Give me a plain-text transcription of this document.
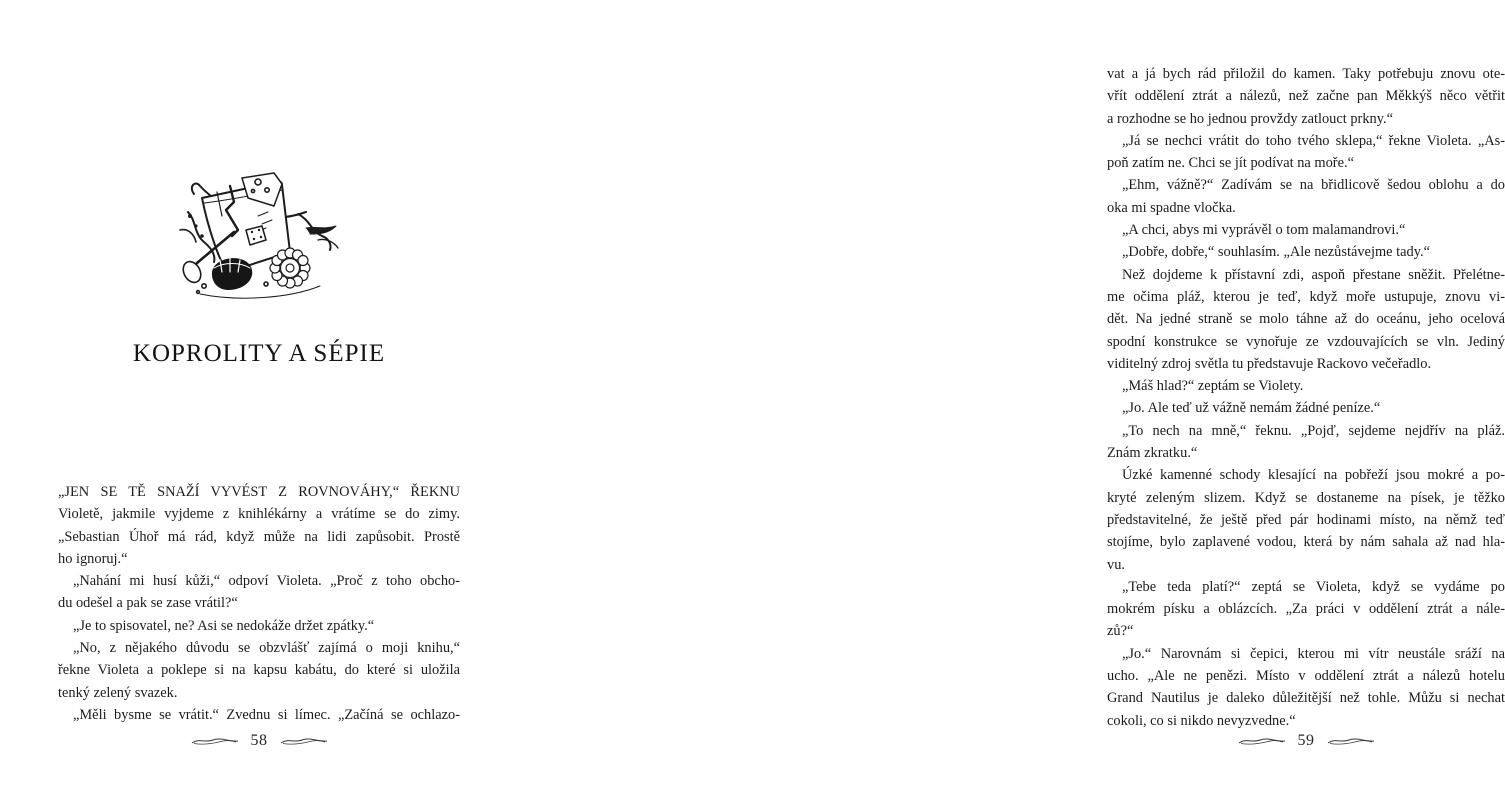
KOPROLITY A SÉPIE
„JEN SE TĚ SNAŽÍ VYVÉST Z ROVNOVÁHY,“ ŘEKNU
Violetě, jakmile vyjdeme z knihlékárny a vrátíme se do zimy.
„Sebastian Úhoř má rád, když může na lidi zapůsobit. Prostě
ho ignoruj.“
„Nahání mi husí kůži,“ odpoví Violeta. „Proč z toho obcho-
du odešel a pak se zase vrátil?“
„Je to spisovatel, ne? Asi se nedokáže držet zpátky.“
„No, z nějakého důvodu se obzvlášť zajímá o moji knihu,“
řekne Violeta a poklepe si na kapsu kabátu, do které si uložila
tenký zelený svazek.
„Měli bysme se vrátit.“ Zvednu si límec. „Začíná se ochlazo-
58
vat a já bych rád přiložil do kamen. Taky potřebuju znovu ote-
vřít oddělení ztrát a nálezů, než začne pan Měkkýš něco větřit
a rozhodne se ho jednou provždy zatlouct prkny.“
„Já se nechci vrátit do toho tvého sklepa,“ řekne Violeta. „As-
poň zatím ne. Chci se jít podívat na moře.“
„Ehm, vážně?“ Zadívám se na břidlicově šedou oblohu a do
oka mi spadne vločka.
„A chci, abys mi vyprávěl o tom malamandrovi.“
„Dobře, dobře,“ souhlasím. „Ale nezůstávejme tady.“
Než dojdeme k přístavní zdi, aspoň přestane sněžit. Přelétne-
me očima pláž, kterou je teď, když moře ustupuje, znovu vi-
dět. Na jedné straně se molo táhne až do oceánu, jeho ocelová
spodní konstrukce se vynořuje ze vzdouvajících se vln. Jediný
viditelný zdroj světla tu představuje Rackovo večeřadlo.
„Máš hlad?“ zeptám se Violety.
„Jo. Ale teď už vážně nemám žádné peníze.“
„To nech na mně,“ řeknu. „Pojď, sejdeme nejdřív na pláž.
Znám zkratku.“
Úzké kamenné schody klesající na pobřeží jsou mokré a po-
kryté zeleným slizem. Když se dostaneme na písek, je těžko
představitelné, že ještě před pár hodinami místo, na němž teď
stojíme, bylo zaplavené vodou, která by nám sahala až nad hla-
vu.
„Tebe teda platí?“ zeptá se Violeta, když se vydáme po
mokrém písku a oblázcích. „Za práci v oddělení ztrát a nále-
zů?“
„Jo.“ Narovnám si čepici, kterou mi vítr neustále sráží na
ucho. „Ale ne penězi. Místo v oddělení ztrát a nálezů hotelu
Grand Nautilus je daleko důležitější než tohle. Můžu si nechat
cokoli, co si nikdo nevyzvedne.“
59
